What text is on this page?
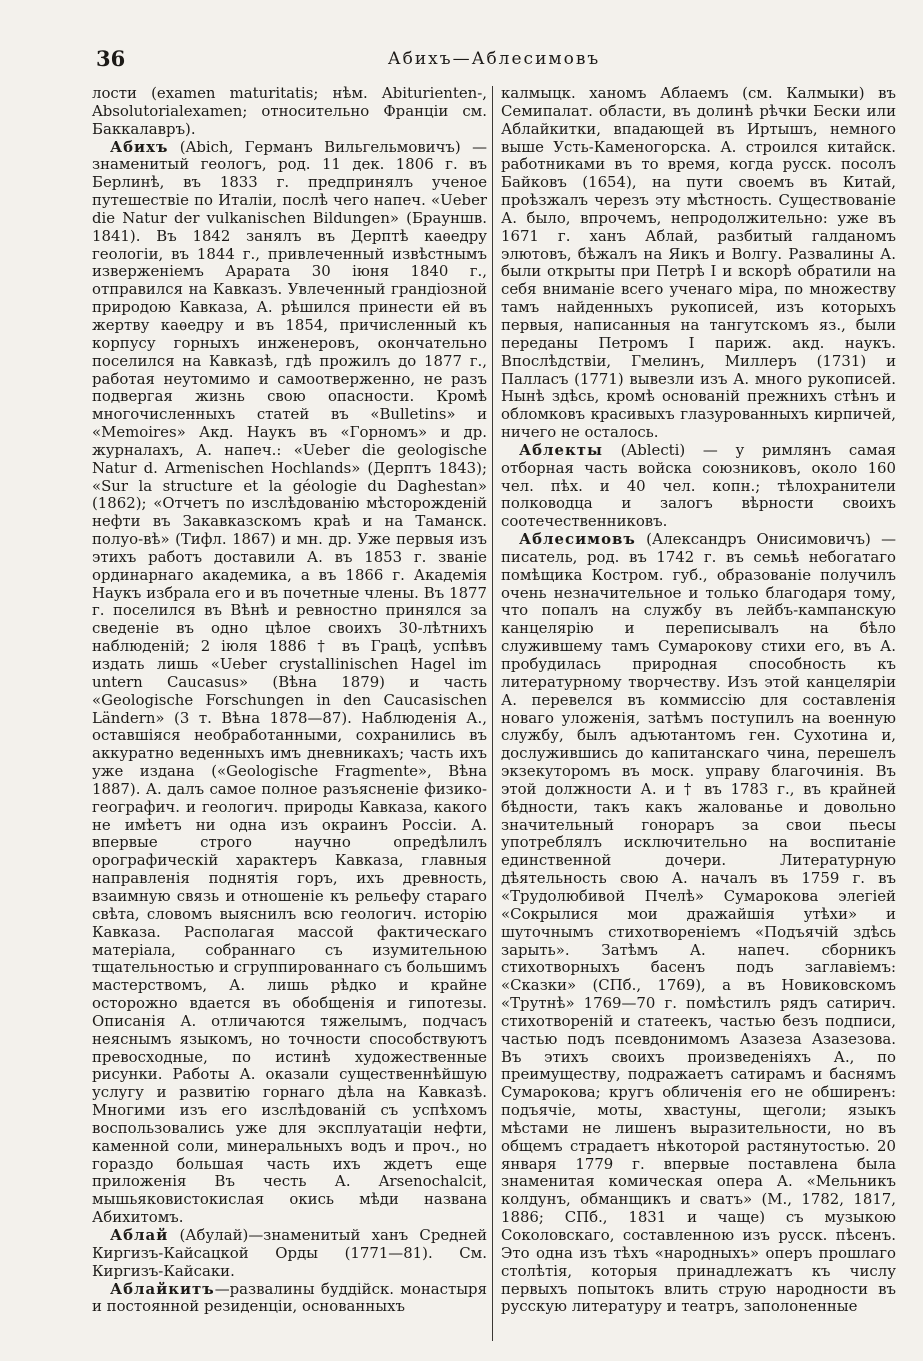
36	Абихъ—Аблесимовъ

лости (examen maturitatis; нѣм. Abiturienten-, Absolutorialexamen; относительно Франціи см. Баккалавръ).

Абихъ (Abich, Германъ Вильгельмовичъ) —знаменитый геологъ, род. 11 дек. 1806 г. въ Берлинѣ, въ 1833 г. предпринялъ ученое путешествіе по Италіи, послѣ чего напеч. «Ueber die Natur der vulkanischen Bildungen» (Брауншв. 1841). Въ 1842 занялъ въ Дерптѣ каѳедру геологіи, въ 1844 г., привлеченный извѣстнымъ изверженіемъ Арарата 30 іюня 1840 г., отправился на Кавказъ. Увлеченный грандіозной природою Кавказа, А. рѣшился принести ей въ жертву каѳедру и въ 1854, причисленный къ корпусу горныхъ инженеровъ, окончательно поселился на Кавказѣ, гдѣ прожилъ до 1877 г., работая неутомимо и самоотверженно, не разъ подвергая жизнь свою опасности. Кромѣ многочисленныхъ статей въ «Bulletins» и «Memoires» Акд. Наукъ въ «Горномъ» и др. журналахъ, А. напеч.: «Ueber die geologische Natur d. Armenischen Hochlands» (Дерптъ 1843); «Sur la structure et la géologie du Daghestan» (1862); «Отчетъ по изслѣдованію мѣсторожденій нефти въ Закавказскомъ краѣ и на Таманск. полуо-вѣ» (Тифл. 1867) и мн. др. Уже первыя изъ этихъ работъ доставили А. въ 1853 г. званіе ординарнаго академика, а въ 1866 г. Академія Наукъ избрала его и въ почетные члены. Въ 1877 г. поселился въ Вѣнѣ и ревностно принялся за сведеніе въ одно цѣлое своихъ 30-лѣтнихъ наблюденій; 2 іюля 1886 † въ Грацѣ, успѣвъ издать лишь «Ueber crystallinischen Hagel im untern Caucasus» (Вѣна 1879) и часть «Geologische Forschungen in den Caucasischen Ländern» (3 т. Вѣна 1878—87). Наблюденія А., оставшіяся необработанными, сохранились въ аккуратно веденныхъ имъ дневникахъ; часть ихъ уже издана («Geologische Fragmente», Вѣна 1887). А. далъ самое полное разъясненіе физико-географич. и геологич. природы Кавказа, какого не имѣетъ ни одна изъ окраинъ Россіи. А. впервые строго научно опредѣлилъ орографическій характеръ Кавказа, главныя направленія поднятія горъ, ихъ древность, взаимную связь и отношеніе къ рельефу стараго свѣта, словомъ выяснилъ всю геологич. исторію Кавказа. Располагая массой фактическаго матеріала, собраннаго съ изумительною тщательностью и сгруппированнаго съ большимъ мастерствомъ, А. лишь рѣдко и крайне осторожно вдается въ обобщенія и гипотезы. Описанія А. отличаются тяжелымъ, подчасъ неяснымъ языкомъ, но точности способствуютъ превосходные, по истинѣ художественные рисунки. Работы А. оказали существеннѣйшую услугу и развитію горнаго дѣла на Кавказѣ. Многими изъ его изслѣдованій съ успѣхомъ воспользовались уже для эксплуатаціи нефти, каменной соли, минеральныхъ водъ и проч., но гораздо большая часть ихъ ждетъ еще приложенія Въ честь А. Arsenochalcit, мышьяковистокислая окись мѣди названа Абихитомъ.

Аблай (Абулай)—знаменитый ханъ Средней Киргизъ-Кайсацкой Орды (1771—81). См. Киргизъ-Кайсаки.

Аблайкитъ—развалины буддійск. монастыря и постоянной резиденціи, основанныхъ

калмыцк. ханомъ Аблаемъ (см. Калмыки) въ Семипалат. области, въ долинѣ рѣчки Бески или Аблайкитки, впадающей въ Иртышъ, немного выше Усть-Каменогорска. А. строился китайск. работниками въ то время, когда русск. посолъ Байковъ (1654), на пути своемъ въ Китай, проѣзжалъ черезъ эту мѣстность. Существованіе А. было, впрочемъ, непродолжительно: уже въ 1671 г. ханъ Аблай, разбитый галданомъ элютовъ, бѣжалъ на Яикъ и Волгу. Развалины А. были открыты при Петрѣ I и вскорѣ обратили на себя вниманіе всего ученаго міра, по множеству тамъ найденныхъ рукописей, изъ которыхъ первыя, написанныя на тангутскомъ яз., были переданы Петромъ I париж. акд. наукъ. Впослѣдствіи, Гмелинъ, Миллеръ (1731) и Палласъ (1771) вывезли изъ А. много рукописей. Нынѣ здѣсь, кромѣ основаній прежнихъ стѣнъ и обломковъ красивыхъ глазурованныхъ кирпичей, ничего не осталось.

Аблекты (Ablecti) — у римлянъ самая отборная часть войска союзниковъ, около 160 чел. пѣх. и 40 чел. копн.; тѣлохранители полководца и залогъ вѣрности своихъ соотечественниковъ.

Аблесимовъ (Александръ Онисимовичъ) —писатель, род. въ 1742 г. въ семьѣ небогатаго помѣщика Костром. губ., образованіе получилъ очень незначительное и только благодаря тому, что попалъ на службу въ лейбъ-кампанскую канцелярію и переписывалъ на бѣло служившему тамъ Сумарокову стихи его, въ А. пробудилась природная способность къ литературному творчеству. Изъ этой канцеляріи А. перевелся въ коммиссію для составленія новаго уложенія, затѣмъ поступилъ на военную службу, былъ адъютантомъ ген. Сухотина и, дослужившись до капитанскаго чина, перешелъ экзекуторомъ въ моск. управу благочинія. Въ этой должности А. и † въ 1783 г., въ крайней бѣдности, такъ какъ жалованье и довольно значительный гонораръ за свои пьесы употреблялъ исключительно на воспитаніе единственной дочери. Литературную дѣятельность свою А. началъ въ 1759 г. въ «Трудолюбивой Пчелѣ» Сумарокова элегіей «Сокрылися мои дражайшія утѣхи» и шуточнымъ стихотвореніемъ «Подъячій здѣсь зарыть». Затѣмъ А. напеч. сборникъ стихотворныхъ басенъ подъ заглавіемъ: «Сказки» (СПб., 1769), а въ Новиковскомъ «Трутнѣ» 1769—70 г. помѣстилъ рядъ сатирич. стихотвореній и статеекъ, частью безъ подписи, частью подъ псевдонимомъ Азазеза Азазезова. Въ этихъ своихъ произведеніяхъ А., по преимуществу, подражаетъ сатирамъ и баснямъ Сумарокова; кругъ обличенія его не обширенъ: подъячіе, моты, хвастуны, щеголи; языкъ мѣстами не лишенъ выразительности, но въ общемъ страдаетъ нѣкоторой растянутостью. 20 января 1779 г. впервые поставлена была знаменитая комическая опера А. «Мельникъ колдунъ, обманщикъ и сватъ» (М., 1782, 1817, 1886; СПб., 1831 и чаще) съ музыкою Соколовскаго, составленною изъ русск. пѣсенъ. Это одна изъ тѣхъ «народныхъ» оперъ прошлаго столѣтія, которыя принадлежатъ къ числу первыхъ попытокъ влить струю народности въ русскую литературу и театръ, заполоненные
